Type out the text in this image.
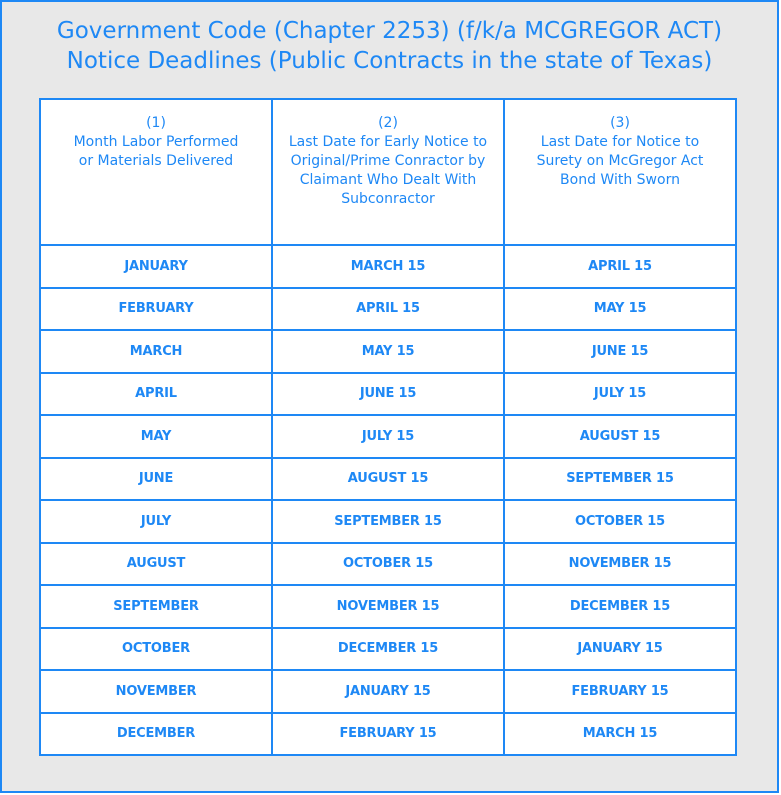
Government Code (Chapter 2253) (f/k/a MCGREGOR ACT)
Notice Deadlines (Public Contracts in the state of Texas)
(1)
Month Labor Performed
or Materials Delivered	(2)
Last Date for Early Notice to
Original/Prime Conractor by
Claimant Who Dealt With
Subconractor	(3)
Last Date for Notice to
Surety on McGregor Act
Bond With Sworn

JANUARY	MARCH 15	APRIL 15
FEBRUARY	APRIL 15	MAY 15
MARCH	MAY 15	JUNE 15
APRIL	JUNE 15	JULY 15
MAY	JULY 15	AUGUST 15
JUNE	AUGUST 15	SEPTEMBER 15
JULY	SEPTEMBER 15	OCTOBER 15
AUGUST	OCTOBER 15	NOVEMBER 15
SEPTEMBER	NOVEMBER 15	DECEMBER 15
OCTOBER	DECEMBER 15	JANUARY 15
NOVEMBER	JANUARY 15	FEBRUARY 15
DECEMBER	FEBRUARY 15	MARCH 15
